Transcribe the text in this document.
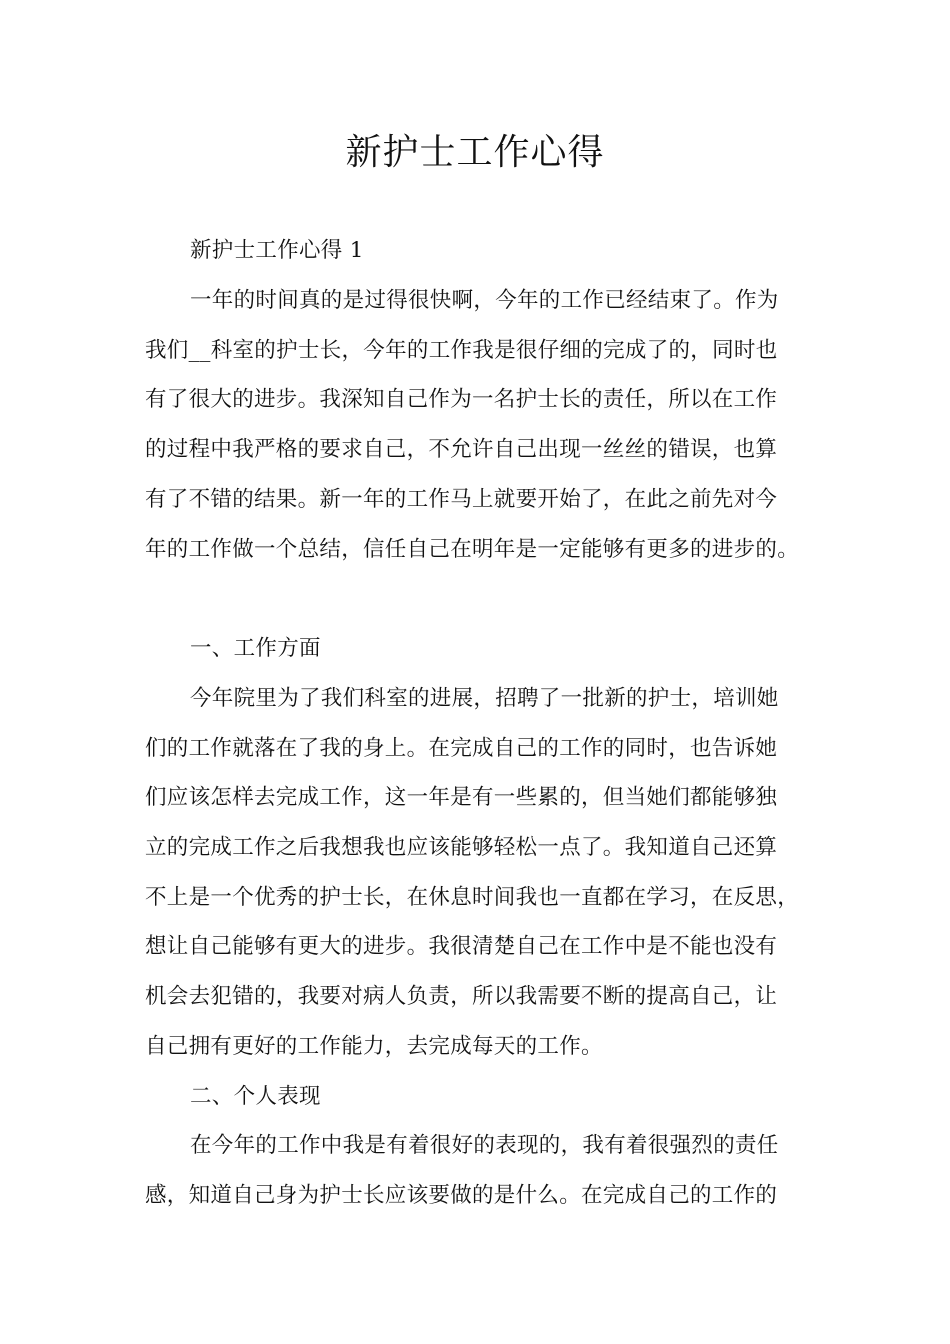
新护士工作心得
新护士工作心得 1
一年的时间真的是过得很快啊，今年的工作已经结束了。作为
我们__科室的护士长，今年的工作我是很仔细的完成了的，同时也
有了很大的进步。我深知自己作为一名护士长的责任，所以在工作
的过程中我严格的要求自己，不允许自己出现一丝丝的错误，也算
有了不错的结果。新一年的工作马上就要开始了，在此之前先对今
年的工作做一个总结，信任自己在明年是一定能够有更多的进步的。
一、工作方面
今年院里为了我们科室的进展，招聘了一批新的护士，培训她
们的工作就落在了我的身上。在完成自己的工作的同时，也告诉她
们应该怎样去完成工作，这一年是有一些累的，但当她们都能够独
立的完成工作之后我想我也应该能够轻松一点了。我知道自己还算
不上是一个优秀的护士长，在休息时间我也一直都在学习，在反思，
想让自己能够有更大的进步。我很清楚自己在工作中是不能也没有
机会去犯错的，我要对病人负责，所以我需要不断的提高自己，让
自己拥有更好的工作能力，去完成每天的工作。
二、个人表现
在今年的工作中我是有着很好的表现的，我有着很强烈的责任
感，知道自己身为护士长应该要做的是什么。在完成自己的工作的
